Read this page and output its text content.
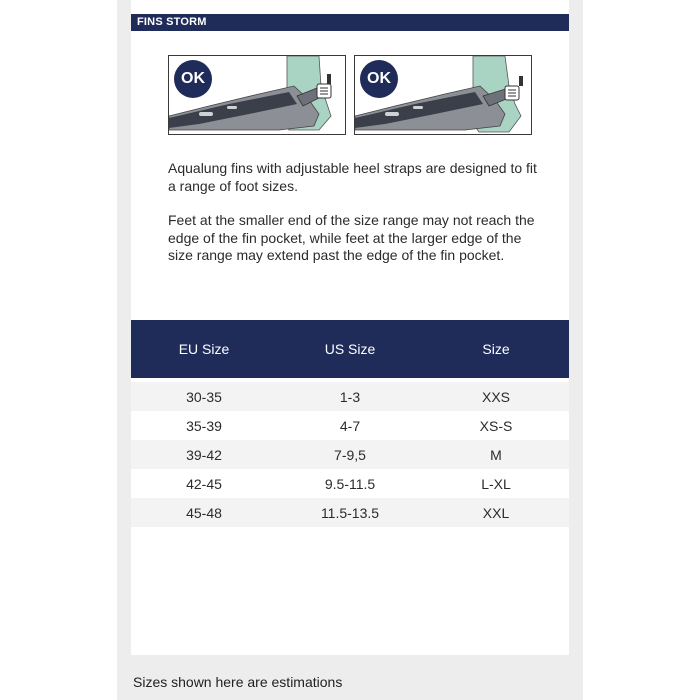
FINS STORM
OK	OK

Aqualung fins with adjustable heel straps are designed to fit a range of foot sizes.

Feet at the smaller end of the size range may not reach the edge of the fin pocket, while feet at the larger edge of the size range may extend past the edge of the fin pocket.

EU Size	US Size	Size

30-35	1-3	XXS
35-39	4-7	XS-S
39-42	7-9,5	M
42-45	9.5-11.5	L-XL
45-48	11.5-13.5	XXL
Sizes shown here are estimations
